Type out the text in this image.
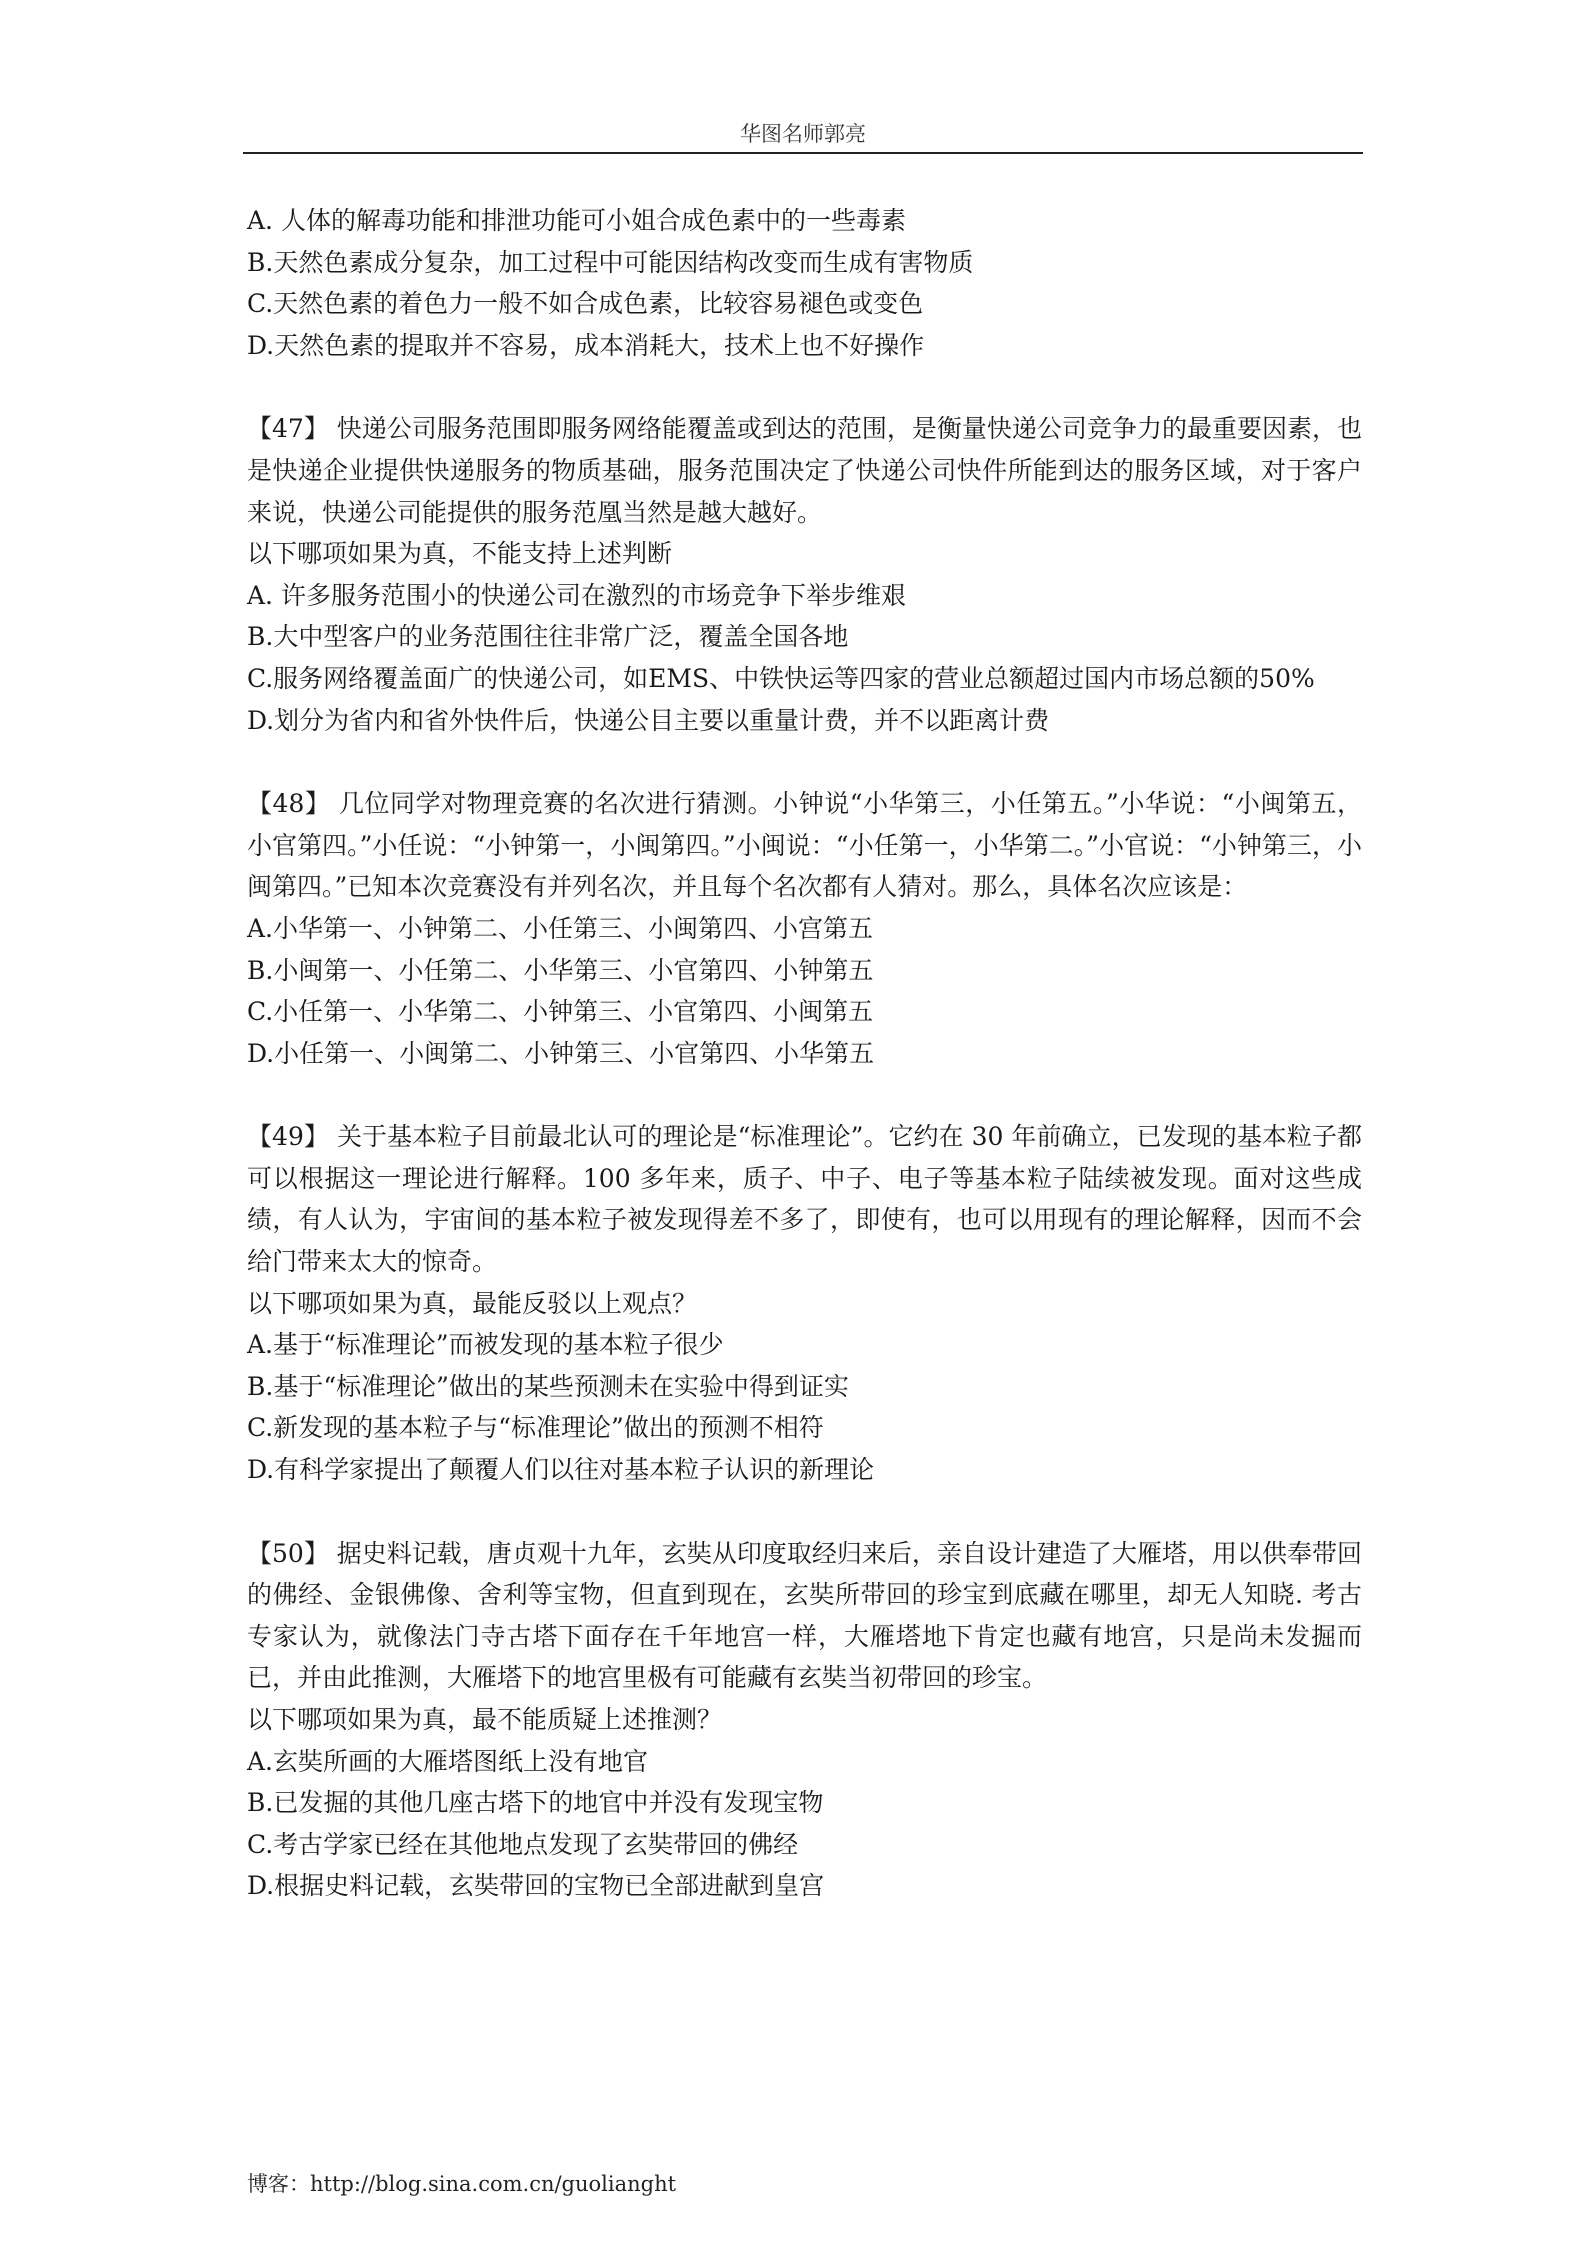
华图名师郭亮

A. 人体的解毒功能和排泄功能可小姐合成色素中的一些毒素

B.天然色素成分复杂，加工过程中可能因结构改变而生成有害物质

C.天然色素的着色力一般不如合成色素，比较容易褪色或变色

D.天然色素的提取并不容易，成本消耗大，技术上也不好操作

【47】 快递公司服务范围即服务网络能覆盖或到达的范围，是衡量快递公司竞争力的最重要因素，也是快递企业提供快递服务的物质基础，服务范围决定了快递公司快件所能到达的服务区域，对于客户来说，快递公司能提供的服务范凰当然是越大越好。

以下哪项如果为真，不能支持上述判断

A. 许多服务范围小的快递公司在激烈的市场竞争下举步维艰

B.大中型客户的业务范围往往非常广泛，覆盖全国各地

C.服务网络覆盖面广的快递公司，如EMS、中铁快运等四家的营业总额超过国内市场总额的50%

D.划分为省内和省外快件后，快递公目主要以重量计费，并不以距离计费

【48】 几位同学对物理竞赛的名次进行猜测。小钟说“小华第三，小任第五。”小华说：“小闽第五，小官第四。”小任说：“小钟第一，小闽第四。”小闽说：“小任第一，小华第二。”小官说：“小钟第三，小闽第四。”已知本次竞赛没有并列名次，并且每个名次都有人猜对。那么，具体名次应该是：

A.小华第一、小钟第二、小任第三、小闽第四、小宫第五

B.小闽第一、小任第二、小华第三、小官第四、小钟第五

C.小任第一、小华第二、小钟第三、小官第四、小闽第五

D.小任第一、小闽第二、小钟第三、小官第四、小华第五

【49】 关于基本粒子目前最北认可的理论是“标准理论”。它约在 30 年前确立，已发现的基本粒子都可以根据这一理论进行解释。100 多年来，质子、中子、电子等基本粒子陆续被发现。面对这些成绩，有人认为，宇宙间的基本粒子被发现得差不多了，即使有，也可以用现有的理论解释，因而不会给门带来太大的惊奇。

以下哪项如果为真，最能反驳以上观点？

A.基于“标准理论”而被发现的基本粒子很少

B.基于“标准理论”做出的某些预测未在实验中得到证实

C.新发现的基本粒子与“标准理论”做出的预测不相符

D.有科学家提出了颠覆人们以往对基本粒子认识的新理论

【50】 据史料记载，唐贞观十九年，玄奘从印度取经归来后，亲自设计建造了大雁塔，用以供奉带回的佛经、金银佛像、舍利等宝物，但直到现在，玄奘所带回的珍宝到底藏在哪里，却无人知晓. 考古专家认为，就像法门寺古塔下面存在千年地宫一样，大雁塔地下肯定也藏有地宫，只是尚未发掘而已，并由此推测，大雁塔下的地宫里极有可能藏有玄奘当初带回的珍宝。

以下哪项如果为真，最不能质疑上述推测？

A.玄奘所画的大雁塔图纸上没有地官

B.已发掘的其他几座古塔下的地官中并没有发现宝物

C.考古学家已经在其他地点发现了玄奘带回的佛经

D.根据史料记载，玄奘带回的宝物已全部进献到皇宫

博客：http://blog.sina.com.cn/guolianght
